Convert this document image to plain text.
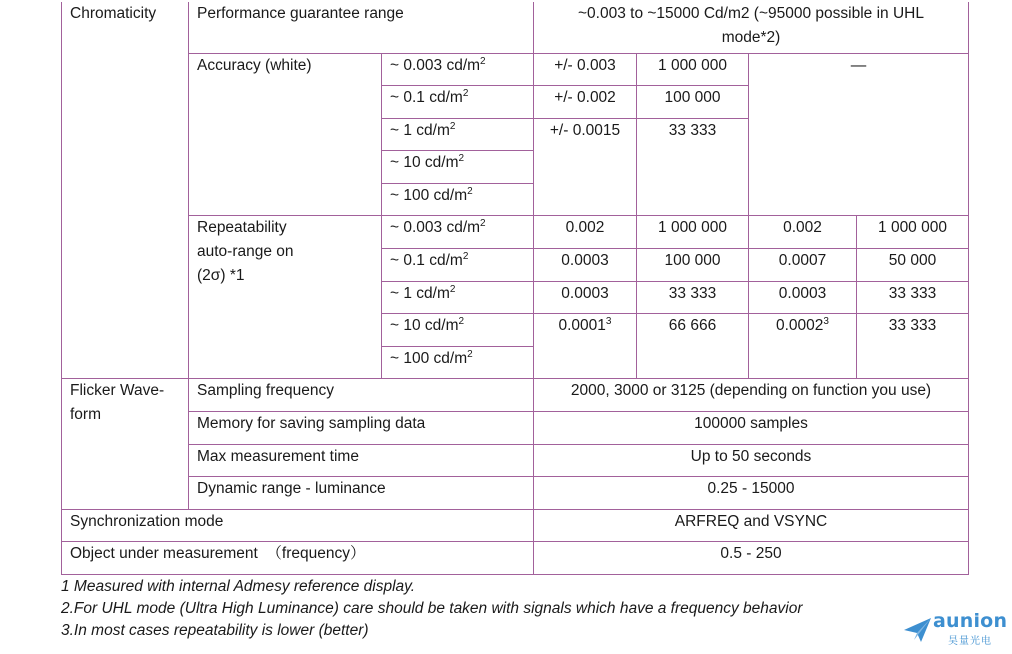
Chromaticity	Performance guarantee range		~0.003 to ~15000 Cd/m2 (~95000 possible in UHL
mode*2)			
	Accuracy (white)	~ 0.003 $cd/m^2$	+/- 0.003	1 000 000	—	
		~ 0.1 $cd/m^2$	+/- 0.002	100 000		
		~ 1 $cd/m^2$	+/- 0.0015	33 333		
		~ 10 $cd/m^2$
		~ 100 $cd/m^2$
	Repeatability
auto-range on
(2σ) *1	~ 0.003 $cd/m^2$	0.002	1 000 000	0.002	1 000 000
		~ 0.1 $cd/m^2$	0.0003	100 000	0.0007	50 000
		~ 1 $cd/m^2$	0.0003	33 333	0.0003	33 333
		~ 10 $cd/m^2$	0.0001$^3$	66 666	0.0002$^3$	33 333
		~ 100 $cd/m^2$
Flicker Wave-
form	Sampling frequency		2000, 3000 or 3125 (depending on function you use)			
	Memory for saving sampling data		100000 samples			
	Max measurement time		Up to 50 seconds			
	Dynamic range - luminance		0.25 - 15000			
Synchronization mode			ARFREQ and VSYNC			
Object under measurement  （frequency）			0.5 - 250			
1 Measured with internal Admesy reference display.
2.For UHL mode (Ultra High Luminance) care should be taken with signals which have a frequency behavior
3.In most cases repeatability is lower (better)	aunion
昊量光电
